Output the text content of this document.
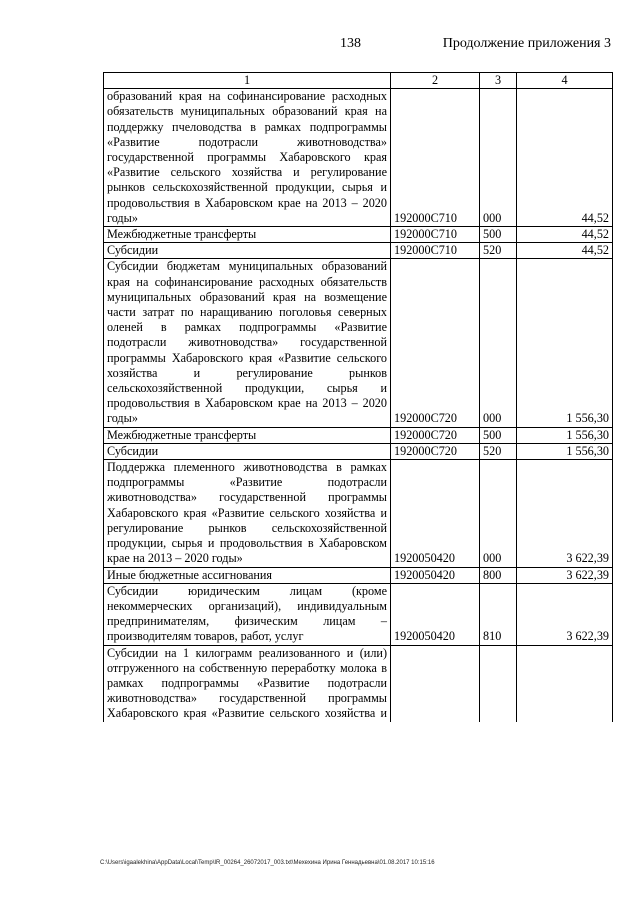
138	Продолжение приложения 3
1	2	3	4
образований края на софинансирование расходных обязательств муниципальных образований края на поддержку пчеловодства в рамках подпрограммы «Развитие подотрасли животноводства» государственной программы Хабаровского края «Развитие сельского хозяйства и регулирование рынков сельскохозяйственной продукции, сырья и продовольствия в Хабаровском крае на 2013 – 2020 годы»	192000С710	000	44,52
Межбюджетные трансферты	192000С710	500	44,52
Субсидии	192000С710	520	44,52
Субсидии бюджетам муниципальных образований края на софинансирование расходных обязательств муниципальных образований края на возмещение части затрат по наращиванию поголовья северных оленей в рамках подпрограммы «Развитие подотрасли животноводства» государственной программы Хабаровского края «Развитие сельского хозяйства и регулирование рынков сельскохозяйственной продукции, сырья и продовольствия в Хабаровском крае на 2013 – 2020 годы»	192000С720	000	1 556,30
Межбюджетные трансферты	192000С720	500	1 556,30
Субсидии	192000С720	520	1 556,30
Поддержка племенного животноводства в рамках подпрограммы «Развитие подотрасли животноводства» государственной программы Хабаровского края «Развитие сельского хозяйства и регулирование рынков сельскохозяйственной продукции, сырья и продовольствия в Хабаровском крае на 2013 – 2020 годы»	1920050420	000	3 622,39
Иные бюджетные ассигнования	1920050420	800	3 622,39
Субсидии юридическим лицам (кроме некоммерческих организаций), индивидуальным предпринимателям, физическим лицам – производителям товаров, работ, услуг	1920050420	810	3 622,39
Субсидии на 1 килограмм реализованного и (или) отгруженного на собственную переработку молока в рамках подпрограммы «Развитие подотрасли животноводства» государственной программы Хабаровского края «Развитие сельского хозяйства и			
C:\Users\igaalekhina\AppData\Local\Temp\IR_00264_26072017_003.txt\Мехехина Ирина Геннадьевна\01.08.2017 10:15:16
